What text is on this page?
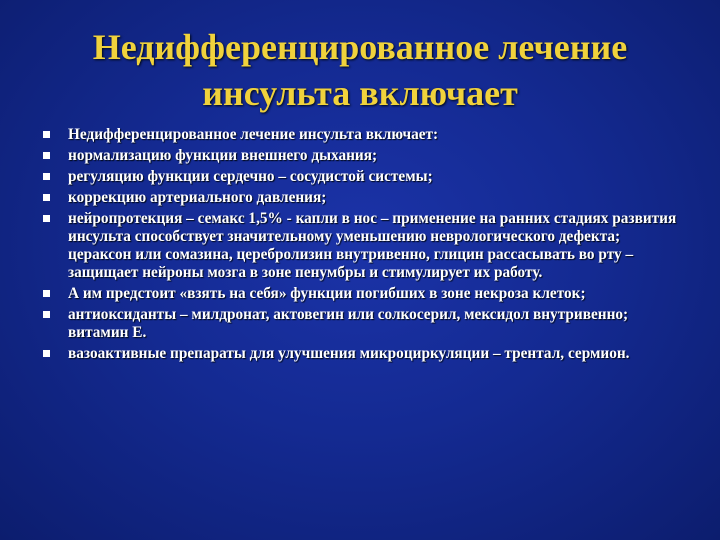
Недифференцированное лечение инсульта включает
Недифференцированное лечение инсульта включает:
нормализацию функции внешнего дыхания;
регуляцию функции сердечно – сосудистой системы;
коррекцию артериального давления;
нейропротекция – семакс 1,5% - капли в нос – применение на ранних стадиях развития инсульта способствует значительному уменьшению неврологического дефекта; цераксон или сомазина, церебролизин внутривенно, глицин рассасывать во рту – защищает нейроны мозга в зоне пенумбры и стимулирует их работу.
А им предстоит «взять на себя» функции погибших в зоне некроза клеток;
антиоксиданты – милдронат, актовегин или солкосерил, мексидол внутривенно; витамин Е.
вазоактивные препараты для улучшения микроциркуляции – трентал, сермион.
